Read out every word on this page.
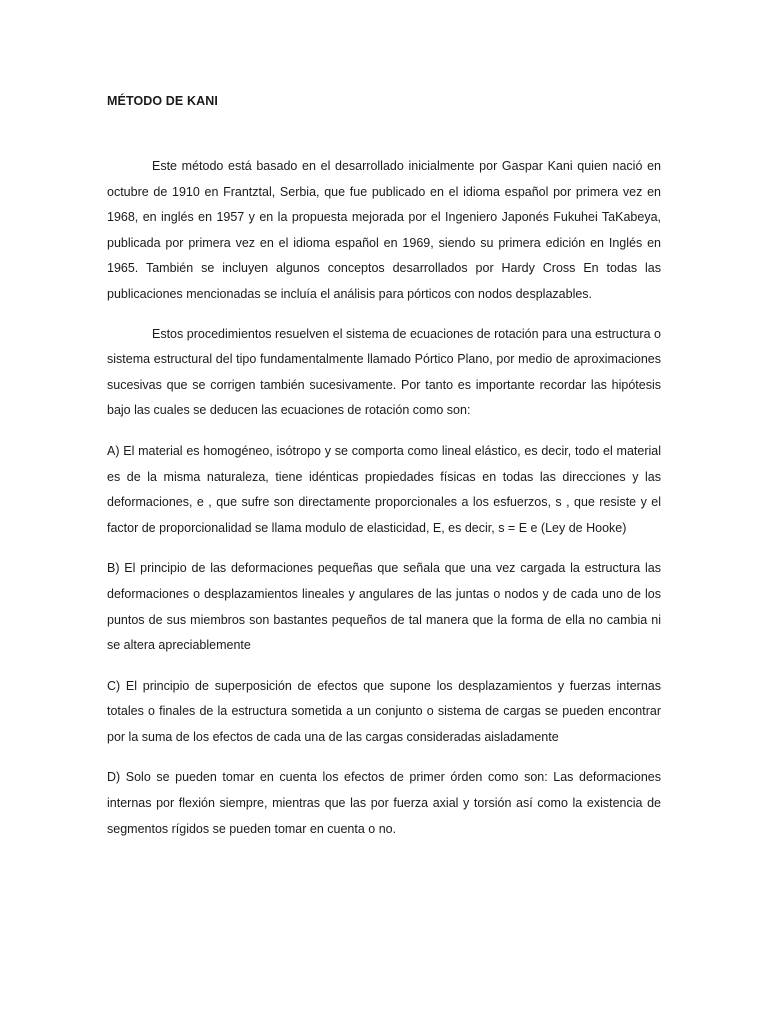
MÉTODO DE KANI

Este método está basado en el desarrollado inicialmente por Gaspar Kani quien nació en octubre de 1910 en Frantztal, Serbia, que fue publicado en el idioma español por primera vez en 1968, en inglés en 1957 y en la propuesta mejorada por el Ingeniero Japonés Fukuhei TaKabeya, publicada por primera vez en el idioma español en 1969, siendo su primera edición en Inglés en 1965. También se incluyen algunos conceptos desarrollados por Hardy Cross En todas las publicaciones mencionadas se incluía el análisis para pórticos con nodos desplazables.

Estos procedimientos resuelven el sistema de ecuaciones de rotación para una estructura o sistema estructural del tipo fundamentalmente llamado Pórtico Plano, por medio de aproximaciones sucesivas que se corrigen también sucesivamente. Por tanto es importante recordar las hipótesis bajo las cuales se deducen las ecuaciones de rotación como son:

A) El material es homogéneo, isótropo y se comporta como lineal elástico, es decir, todo el material es de la misma naturaleza, tiene idénticas propiedades físicas en todas las direcciones y las deformaciones, e , que sufre son directamente proporcionales a los esfuerzos, s , que resiste y el factor de proporcionalidad se llama modulo de elasticidad, E, es decir, s = E e (Ley de Hooke)

B) El principio de las deformaciones pequeñas que señala que una vez cargada la estructura las deformaciones o desplazamientos lineales y angulares de las juntas o nodos y de cada uno de los puntos de sus miembros son bastantes pequeños de tal manera que la forma de ella no cambia ni se altera apreciablemente

C) El principio de superposición de efectos que supone los desplazamientos y fuerzas internas totales o finales de la estructura sometida a un conjunto o sistema de cargas se pueden encontrar por la suma de los efectos de cada una de las cargas consideradas aisladamente

D) Solo se pueden tomar en cuenta los efectos de primer órden como son: Las deformaciones internas por flexión siempre, mientras que las por fuerza axial y torsión así como la existencia de segmentos rígidos se pueden tomar en cuenta o no.
